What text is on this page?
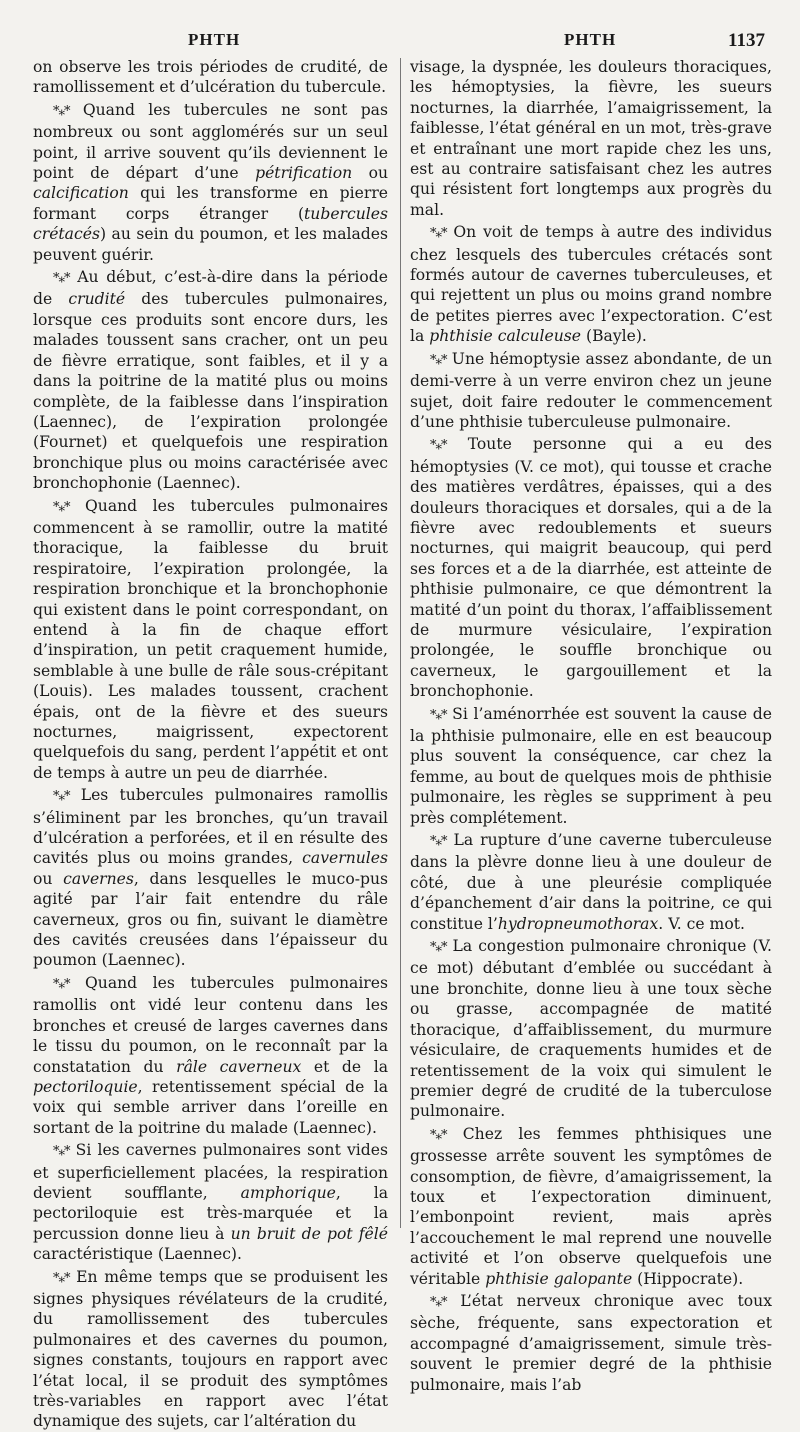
PHTH	PHTH	1137

on observe les trois périodes de crudité, de ramollissement et d’ulcération du tubercule.

*⁎* Quand les tubercules ne sont pas nombreux ou sont agglomérés sur un seul point, il arrive souvent qu’ils deviennent le point de départ d’une pétrification ou calcification qui les transforme en pierre formant corps étranger (tubercules crétacés) au sein du poumon, et les malades peuvent guérir.

*⁎* Au début, c’est-à-dire dans la période de crudité des tubercules pulmonaires, lorsque ces produits sont encore durs, les malades toussent sans cracher, ont un peu de fièvre erratique, sont faibles, et il y a dans la poitrine de la matité plus ou moins complète, de la faiblesse dans l’inspiration (Laennec), de l’expiration prolongée (Fournet) et quelquefois une respiration bronchique plus ou moins caractérisée avec bronchophonie (Laennec).

*⁎* Quand les tubercules pulmonaires commencent à se ramollir, outre la matité thoracique, la faiblesse du bruit respiratoire, l’expiration prolongée, la respiration bronchique et la bronchophonie qui existent dans le point correspondant, on entend à la fin de chaque effort d’inspiration, un petit craquement humide, semblable à une bulle de râle sous-crépitant (Louis). Les malades toussent, crachent épais, ont de la fièvre et des sueurs nocturnes, maigrissent, expectorent quelquefois du sang, perdent l’appétit et ont de temps à autre un peu de diarrhée.

*⁎* Les tubercules pulmonaires ramollis s’éliminent par les bronches, qu’un travail d’ulcération a perforées, et il en résulte des cavités plus ou moins grandes, cavernules ou cavernes, dans lesquelles le muco-pus agité par l’air fait entendre du râle caverneux, gros ou fin, suivant le diamètre des cavités creusées dans l’épaisseur du poumon (Laennec).

*⁎* Quand les tubercules pulmonaires ramollis ont vidé leur contenu dans les bronches et creusé de larges cavernes dans le tissu du poumon, on le reconnaît par la constatation du râle caverneux et de la pectoriloquie, retentissement spécial de la voix qui semble arriver dans l’oreille en sortant de la poitrine du malade (Laennec).

*⁎* Si les cavernes pulmonaires sont vides et superficiellement placées, la respiration devient soufflante, amphorique, la pectoriloquie est très-marquée et la percussion donne lieu à un bruit de pot fêlé caractéristique (Laennec).

*⁎* En même temps que se produisent les signes physiques révélateurs de la crudité, du ramollissement des tubercules pulmonaires et des cavernes du poumon, signes constants, toujours en rapport avec l’état local, il se produit des symptômes très-variables en rapport avec l’état dynamique des sujets, car l’altération du

visage, la dyspnée, les douleurs thoraciques, les hémoptysies, la fièvre, les sueurs nocturnes, la diarrhée, l’amaigrissement, la faiblesse, l’état général en un mot, très-grave et entraînant une mort rapide chez les uns, est au contraire satisfaisant chez les autres qui résistent fort longtemps aux progrès du mal.

*⁎* On voit de temps à autre des individus chez lesquels des tubercules crétacés sont formés autour de cavernes tuberculeuses, et qui rejettent un plus ou moins grand nombre de petites pierres avec l’expectoration. C’est la phthisie calculeuse (Bayle).

*⁎* Une hémoptysie assez abondante, de un demi-verre à un verre environ chez un jeune sujet, doit faire redouter le commencement d’une phthisie tuberculeuse pulmonaire.

*⁎* Toute personne qui a eu des hémoptysies (V. ce mot), qui tousse et crache des matières verdâtres, épaisses, qui a des douleurs thoraciques et dorsales, qui a de la fièvre avec redoublements et sueurs nocturnes, qui maigrit beaucoup, qui perd ses forces et a de la diarrhée, est atteinte de phthisie pulmonaire, ce que démontrent la matité d’un point du thorax, l’affaiblissement de murmure vésiculaire, l’expiration prolongée, le souffle bronchique ou caverneux, le gargouillement et la bronchophonie.

*⁎* Si l’aménorrhée est souvent la cause de la phthisie pulmonaire, elle en est beaucoup plus souvent la conséquence, car chez la femme, au bout de quelques mois de phthisie pulmonaire, les règles se suppriment à peu près complétement.

*⁎* La rupture d’une caverne tuberculeuse dans la plèvre donne lieu à une douleur de côté, due à une pleurésie compliquée d’épanchement d’air dans la poitrine, ce qui constitue l’hydropneumothorax. V. ce mot.

*⁎* La congestion pulmonaire chronique (V. ce mot) débutant d’emblée ou succédant à une bronchite, donne lieu à une toux sèche ou grasse, accompagnée de matité thoracique, d’affaiblissement, du murmure vésiculaire, de craquements humides et de retentissement de la voix qui simulent le premier degré de crudité de la tuberculose pulmonaire.

*⁎* Chez les femmes phthisiques une grossesse arrête souvent les symptômes de consomption, de fièvre, d’amaigrissement, la toux et l’expectoration diminuent, l’embonpoint revient, mais après l’accouchement le mal reprend une nouvelle activité et l’on observe quelquefois une véritable phthisie galopante (Hippocrate).

*⁎* L’état nerveux chronique avec toux sèche, fréquente, sans expectoration et accompagné d’amaigrissement, simule très-souvent le premier degré de la phthisie pulmonaire, mais l’ab
